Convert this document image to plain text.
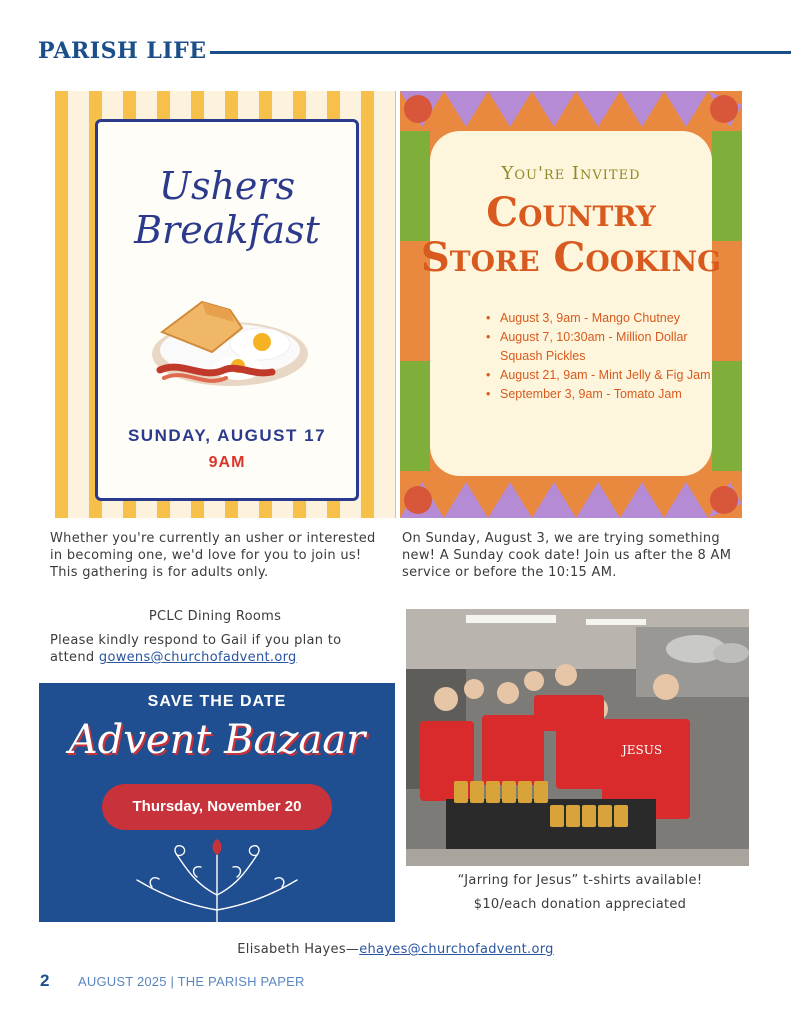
PARISH LIFE
Ushers
Breakfast
SUNDAY, AUGUST 17
9AM
You're Invited
Country
Store Cooking
• August 3, 9am - Mango Chutney
• August 7, 10:30am - Million Dollar Squash Pickles
• August 21, 9am - Mint Jelly & Fig Jam
• September 3, 9am - Tomato Jam
Whether you're currently an usher or interested in becoming one, we'd love for you to join us! This gathering is for adults only.
PCLC Dining Rooms
Please kindly respond to Gail if you plan to attend gowens@churchofadvent.org
On Sunday, August 3, we are trying something new! A Sunday cook date! Join us after the 8 AM service or before the 10:15 AM.
SAVE THE DATE
Advent Bazaar
Thursday, November 20
JESUS
“Jarring for Jesus” t-shirts available!
$10/each donation appreciated
Elisabeth Hayes—ehayes@churchofadvent.org
2 AUGUST 2025 | THE PARISH PAPER
